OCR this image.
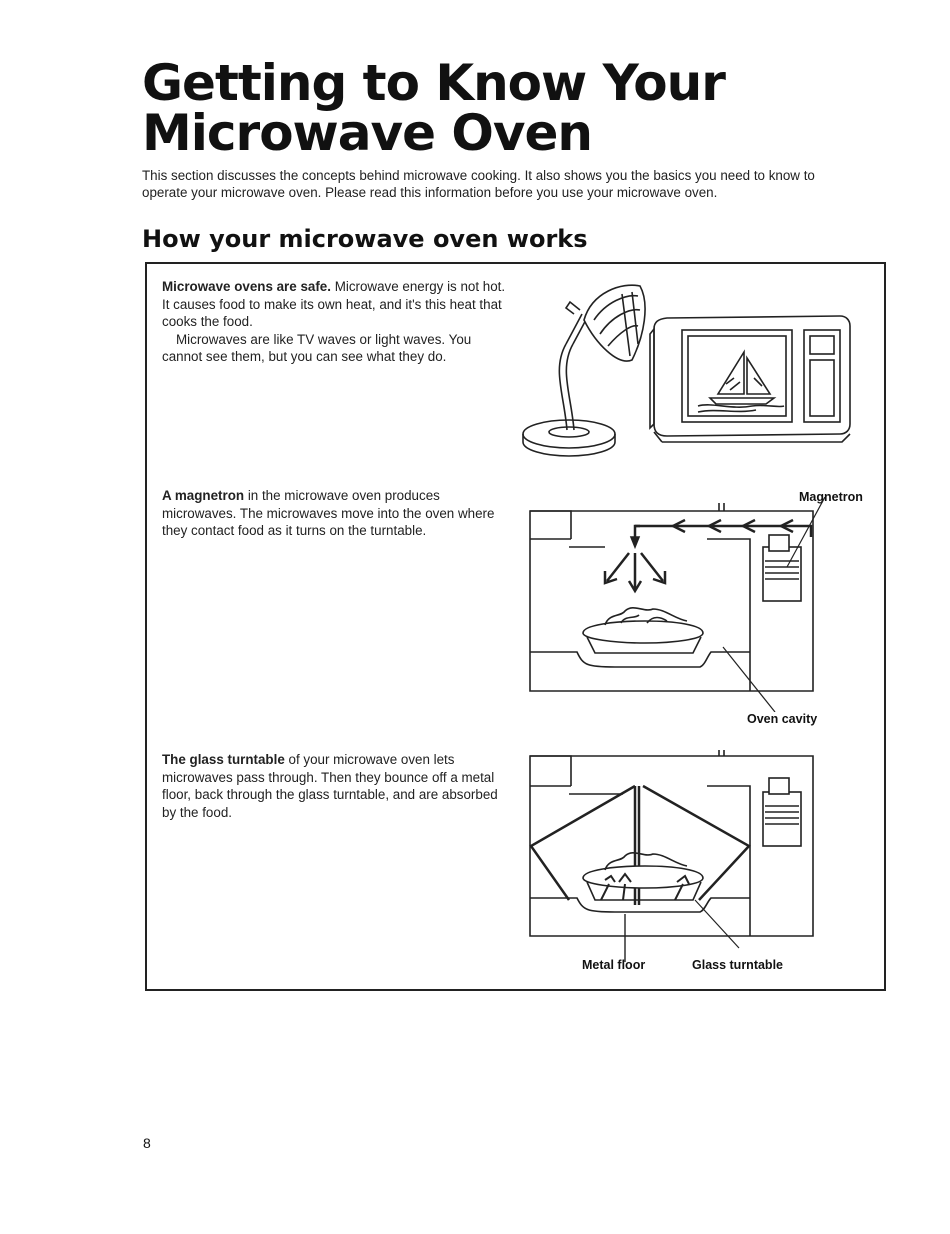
Getting to Know Your
Microwave Oven

This section discusses the concepts behind microwave cooking. It also shows you the basics you need to know to operate your microwave oven. Please read this information before you use your microwave oven.

How your microwave oven works

Microwave ovens are safe. Microwave energy is not hot. It causes food to make its own heat, and it's this heat that cooks the food.
Microwaves are like TV waves or light waves. You cannot see them, but you can see what they do.

A magnetron in the microwave oven produces microwaves. The microwaves move into the oven where they contact food as it turns on the turntable.

Magnetron

Oven cavity

The glass turntable of your microwave oven lets microwaves pass through. Then they bounce off a metal floor, back through the glass turntable, and are absorbed by the food.

Metal floor	Glass turntable

8
